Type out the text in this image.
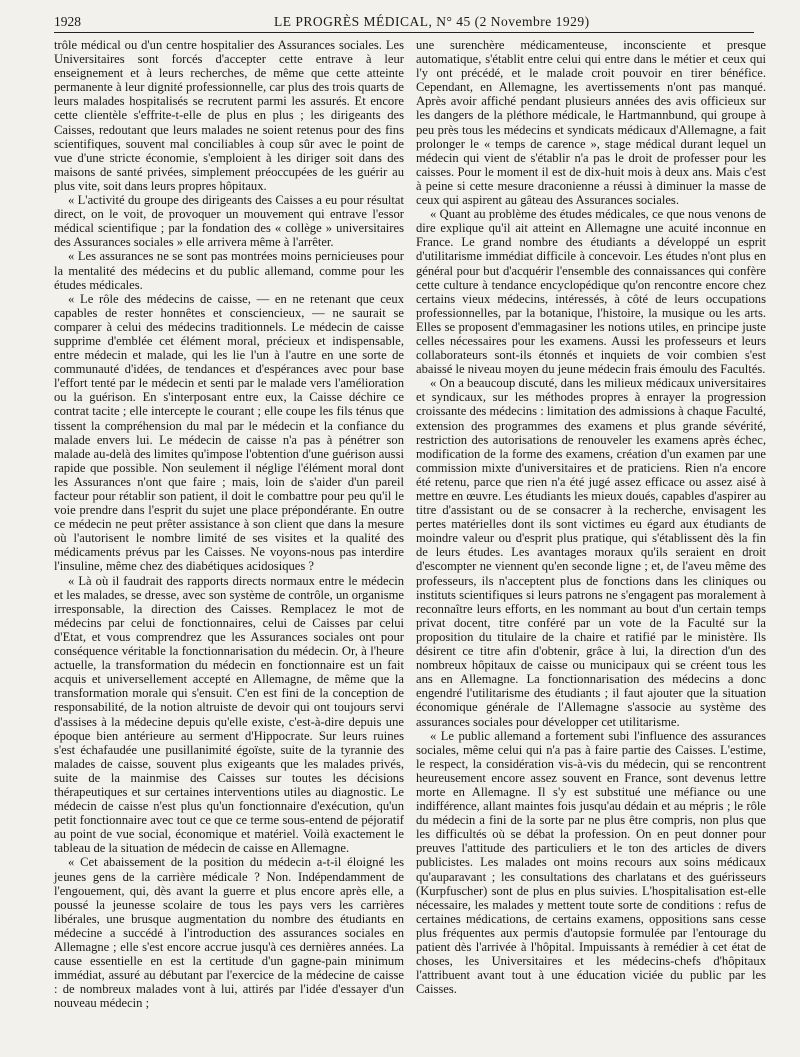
1928	LE PROGRÈS MÉDICAL, N° 45 (2 Novembre 1929)

trôle médical ou d'un centre hospitalier des Assurances sociales. Les Universitaires sont forcés d'accepter cette entrave à leur enseignement et à leurs recherches, de même que cette atteinte permanente à leur dignité professionnelle, car plus des trois quarts de leurs malades hospitalisés se recrutent parmi les assurés. Et encore cette clientèle s'effrite-t-elle de plus en plus ; les dirigeants des Caisses, redoutant que leurs malades ne soient retenus pour des fins scientifiques, souvent mal conciliables à coup sûr avec le point de vue d'une stricte économie, s'emploient à les diriger soit dans des maisons de santé privées, simplement préoccupées de les guérir au plus vite, soit dans leurs propres hôpitaux.

« L'activité du groupe des dirigeants des Caisses a eu pour résultat direct, on le voit, de provoquer un mouvement qui entrave l'essor médical scientifique ; par la fondation des « collège » universitaires des Assurances sociales » elle arrivera même à l'arrêter.

« Les assurances ne se sont pas montrées moins pernicieuses pour la mentalité des médecins et du public allemand, comme pour les études médicales.

« Le rôle des médecins de caisse, — en ne retenant que ceux capables de rester honnêtes et consciencieux, — ne saurait se comparer à celui des médecins traditionnels. Le médecin de caisse supprime d'emblée cet élément moral, précieux et indispensable, entre médecin et malade, qui les lie l'un à l'autre en une sorte de communauté d'idées, de tendances et d'espérances avec pour base l'effort tenté par le médecin et senti par le malade vers l'amélioration ou la guérison. En s'interposant entre eux, la Caisse déchire ce contrat tacite ; elle intercepte le courant ; elle coupe les fils ténus que tissent la compréhension du mal par le médecin et la confiance du malade envers lui. Le médecin de caisse n'a pas à pénétrer son malade au-delà des limites qu'impose l'obtention d'une guérison aussi rapide que possible. Non seulement il néglige l'élément moral dont les Assurances n'ont que faire ; mais, loin de s'aider d'un pareil facteur pour rétablir son patient, il doit le combattre pour peu qu'il le voie prendre dans l'esprit du sujet une place prépondérante. En outre ce médecin ne peut prêter assistance à son client que dans la mesure où l'autorisent le nombre limité de ses visites et la qualité des médicaments prévus par les Caisses. Ne voyons-nous pas interdire l'insuline, même chez des diabétiques acidosiques ?

« Là où il faudrait des rapports directs normaux entre le médecin et les malades, se dresse, avec son système de contrôle, un organisme irresponsable, la direction des Caisses. Remplacez le mot de médecins par celui de fonctionnaires, celui de Caisses par celui d'Etat, et vous comprendrez que les Assurances sociales ont pour conséquence véritable la fonctionnarisation du médecin. Or, à l'heure actuelle, la transformation du médecin en fonctionnaire est un fait acquis et universellement accepté en Allemagne, de même que la transformation morale qui s'ensuit. C'en est fini de la conception de responsabilité, de la notion altruiste de devoir qui ont toujours servi d'assises à la médecine depuis qu'elle existe, c'est-à-dire depuis une époque bien antérieure au serment d'Hippocrate. Sur leurs ruines s'est échafaudée une pusillanimité égoïste, suite de la tyrannie des malades de caisse, souvent plus exigeants que les malades privés, suite de la mainmise des Caisses sur toutes les décisions thérapeutiques et sur certaines interventions utiles au diagnostic. Le médecin de caisse n'est plus qu'un fonctionnaire d'exécution, qu'un petit fonctionnaire avec tout ce que ce terme sous-entend de péjoratif au point de vue social, économique et matériel. Voilà exactement le tableau de la situation de médecin de caisse en Allemagne.

« Cet abaissement de la position du médecin a-t-il éloigné les jeunes gens de la carrière médicale ? Non. Indépendamment de l'engouement, qui, dès avant la guerre et plus encore après elle, a poussé la jeunesse scolaire de tous les pays vers les carrières libérales, une brusque augmentation du nombre des étudiants en médecine a succédé à l'introduction des assurances sociales en Allemagne ; elle s'est encore accrue jusqu'à ces dernières années. La cause essentielle en est la certitude d'un gagne-pain minimum immédiat, assuré au débutant par l'exercice de la médecine de caisse : de nombreux malades vont à lui, attirés par l'idée d'essayer d'un nouveau médecin ;

une surenchère médicamenteuse, inconsciente et presque automatique, s'établit entre celui qui entre dans le métier et ceux qui l'y ont précédé, et le malade croit pouvoir en tirer bénéfice. Cependant, en Allemagne, les avertissements n'ont pas manqué. Après avoir affiché pendant plusieurs années des avis officieux sur les dangers de la pléthore médicale, le Hartmannbund, qui groupe à peu près tous les médecins et syndicats médicaux d'Allemagne, a fait prolonger le « temps de carence », stage médical durant lequel un médecin qui vient de s'établir n'a pas le droit de professer pour les caisses. Pour le moment il est de dix-huit mois à deux ans. Mais c'est à peine si cette mesure draconienne a réussi à diminuer la masse de ceux qui aspirent au gâteau des Assurances sociales.

« Quant au problème des études médicales, ce que nous venons de dire explique qu'il ait atteint en Allemagne une acuité inconnue en France. Le grand nombre des étudiants a développé un esprit d'utilitarisme immédiat difficile à concevoir. Les études n'ont plus en général pour but d'acquérir l'ensemble des connaissances qui confère cette culture à tendance encyclopédique qu'on rencontre encore chez certains vieux médecins, intéressés, à côté de leurs occupations professionnelles, par la botanique, l'histoire, la musique ou les arts. Elles se proposent d'emmagasiner les notions utiles, en principe juste celles nécessaires pour les examens. Aussi les professeurs et leurs collaborateurs sont-ils étonnés et inquiets de voir combien s'est abaissé le niveau moyen du jeune médecin frais émoulu des Facultés.

« On a beaucoup discuté, dans les milieux médicaux universitaires et syndicaux, sur les méthodes propres à enrayer la progression croissante des médecins : limitation des admissions à chaque Faculté, extension des programmes des examens et plus grande sévérité, restriction des autorisations de renouveler les examens après échec, modification de la forme des examens, création d'un examen par une commission mixte d'universitaires et de praticiens. Rien n'a encore été retenu, parce que rien n'a été jugé assez efficace ou assez aisé à mettre en œuvre. Les étudiants les mieux doués, capables d'aspirer au titre d'assistant ou de se consacrer à la recherche, envisagent les pertes matérielles dont ils sont victimes eu égard aux étudiants de moindre valeur ou d'esprit plus pratique, qui s'établissent dès la fin de leurs études. Les avantages moraux qu'ils seraient en droit d'escompter ne viennent qu'en seconde ligne ; et, de l'aveu même des professeurs, ils n'acceptent plus de fonctions dans les cliniques ou instituts scientifiques si leurs patrons ne s'engagent pas moralement à reconnaître leurs efforts, en les nommant au bout d'un certain temps privat docent, titre conféré par un vote de la Faculté sur la proposition du titulaire de la chaire et ratifié par le ministère. Ils désirent ce titre afin d'obtenir, grâce à lui, la direction d'un des nombreux hôpitaux de caisse ou municipaux qui se créent tous les ans en Allemagne. La fonctionnarisation des médecins a donc engendré l'utilitarisme des étudiants ; il faut ajouter que la situation économique générale de l'Allemagne s'associe au système des assurances sociales pour développer cet utilitarisme.

« Le public allemand a fortement subi l'influence des assurances sociales, même celui qui n'a pas à faire partie des Caisses. L'estime, le respect, la considération vis-à-vis du médecin, qui se rencontrent heureusement encore assez souvent en France, sont devenus lettre morte en Allemagne. Il s'y est substitué une méfiance ou une indifférence, allant maintes fois jusqu'au dédain et au mépris ; le rôle du médecin a fini de la sorte par ne plus être compris, non plus que les difficultés où se débat la profession. On en peut donner pour preuves l'attitude des particuliers et le ton des articles de divers publicistes. Les malades ont moins recours aux soins médicaux qu'auparavant ; les consultations des charlatans et des guérisseurs (Kurpfuscher) sont de plus en plus suivies. L'hospitalisation est-elle nécessaire, les malades y mettent toute sorte de conditions : refus de certaines médications, de certains examens, oppositions sans cesse plus fréquentes aux permis d'autopsie formulée par l'entourage du patient dès l'arrivée à l'hôpital. Impuissants à remédier à cet état de choses, les Universitaires et les médecins-chefs d'hôpitaux l'attribuent avant tout à une éducation viciée du public par les Caisses.
